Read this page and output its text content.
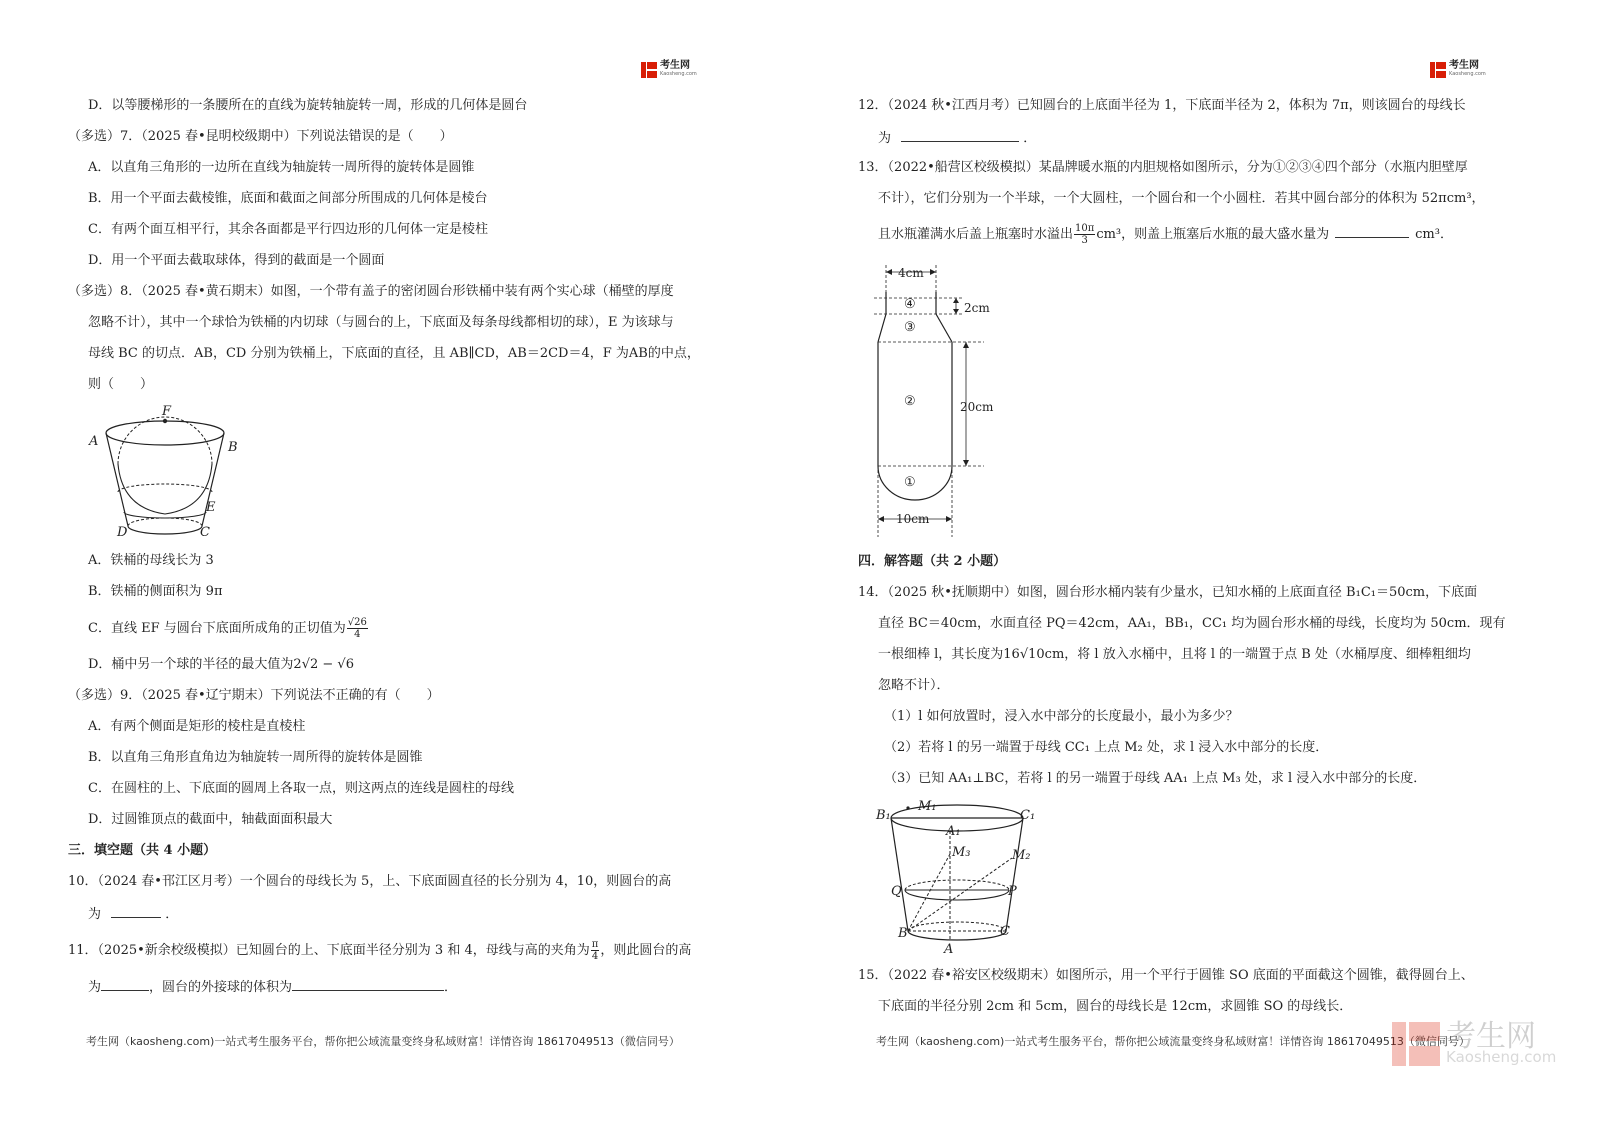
考生网
Kaosheng.com
D．以等腰梯形的一条腰所在的直线为旋转轴旋转一周，形成的几何体是圆台
（多选）7．（2025 春•昆明校级期中）下列说法错误的是（　　）
A．以直角三角形的一边所在直线为轴旋转一周所得的旋转体是圆锥
B．用一个平面去截棱锥，底面和截面之间部分所围成的几何体是棱台
C．有两个面互相平行，其余各面都是平行四边形的几何体一定是棱柱
D．用一个平面去截取球体，得到的截面是一个圆面
（多选）8．（2025 春•黄石期末）如图，一个带有盖子的密闭圆台形铁桶中装有两个实心球（桶壁的厚度
忽略不计），其中一个球恰为铁桶的内切球（与圆台的上，下底面及每条母线都相切的球），E 为该球与
母线 BC 的切点．AB，CD 分别为铁桶上，下底面的直径，且 AB∥CD，AB＝2CD＝4，F 为AB的中点，
则（　　）
F
A	B
E
D	C
A．铁桶的母线长为 3
B．铁桶的侧面积为 9π
C．直线 EF 与圆台下底面所成角的正切值为 $\frac{√26}{4}$
D．桶中另一个球的半径的最大值为2√2 − √6
（多选）9．（2025 春•辽宁期末）下列说法不正确的有（　　）
A．有两个侧面是矩形的棱柱是直棱柱
B．以直角三角形直角边为轴旋转一周所得的旋转体是圆锥
C．在圆柱的上、下底面的圆周上各取一点，则这两点的连线是圆柱的母线
D．过圆锥顶点的截面中，轴截面面积最大
三．填空题（共 4 小题）
10．（2024 春•邗江区月考）一个圆台的母线长为 5，上、下底面圆直径的长分别为 4，10，则圆台的高
为	．
11．（2025•新余校级模拟）已知圆台的上、下底面半径分别为 3 和 4，母线与高的夹角为 $\frac{\pi}{4}$ ，则此圆台的高
为	，圆台的外接球的体积为	．
考生网（kaosheng.com)一站式考生服务平台，帮你把公域流量变终身私域财富！详情咨询 18617049513（微信同号）
考生网
Kaosheng.com
12．（2024 秋•江西月考）已知圆台的上底面半径为 1，下底面半径为 2，体积为 7π，则该圆台的母线长
为	．
13．（2022•船营区校级模拟）某晶牌暖水瓶的内胆规格如图所示，分为①②③④四个部分（水瓶内胆壁厚
不计），它们分别为一个半球，一个大圆柱，一个圆台和一个小圆柱．若其中圆台部分的体积为 52πcm³，
且水瓶灌满水后盖上瓶塞时水溢出 $\frac{10\pi}{3} cm^3$，则盖上瓶塞后水瓶的最大盛水量为	cm³．
4cm
④	2cm
③
②	20cm
①
10cm
四．解答题（共 2 小题）
14．（2025 秋•抚顺期中）如图，圆台形水桶内装有少量水，已知水桶的上底面直径 B₁C₁＝50cm，下底面
直径 BC＝40cm，水面直径 PQ＝42cm，AA₁，BB₁，CC₁ 均为圆台形水桶的母线，长度均为 50cm．现有
一根细棒 l，其长度为16√10cm，将 l 放入水桶中，且将 l 的一端置于点 B 处（水桶厚度、细棒粗细均
忽略不计）．
（1）l 如何放置时，浸入水中部分的长度最小，最小为多少？
（2）若将 l 的另一端置于母线 CC₁ 上点 M₂ 处，求 l 浸入水中部分的长度．
（3）已知 AA₁⊥BC，若将 l 的另一端置于母线 AA₁ 上点 M₃ 处，求 l 浸入水中部分的长度．
B₁
M₁
C₁
A₁
M₃	M₂
Q	P
B	C
A
15．（2022 春•裕安区校级期末）如图所示，用一个平行于圆锥 SO 底面的平面截这个圆锥，截得圆台上、
下底面的半径分别 2cm 和 5cm，圆台的母线长是 12cm，求圆锥 SO 的母线长．
考生网（kaosheng.com)一站式考生服务平台，帮你把公域流量变终身私域财富！详情咨询 18617049513（微信同号）
考生网
Kaosheng.com
